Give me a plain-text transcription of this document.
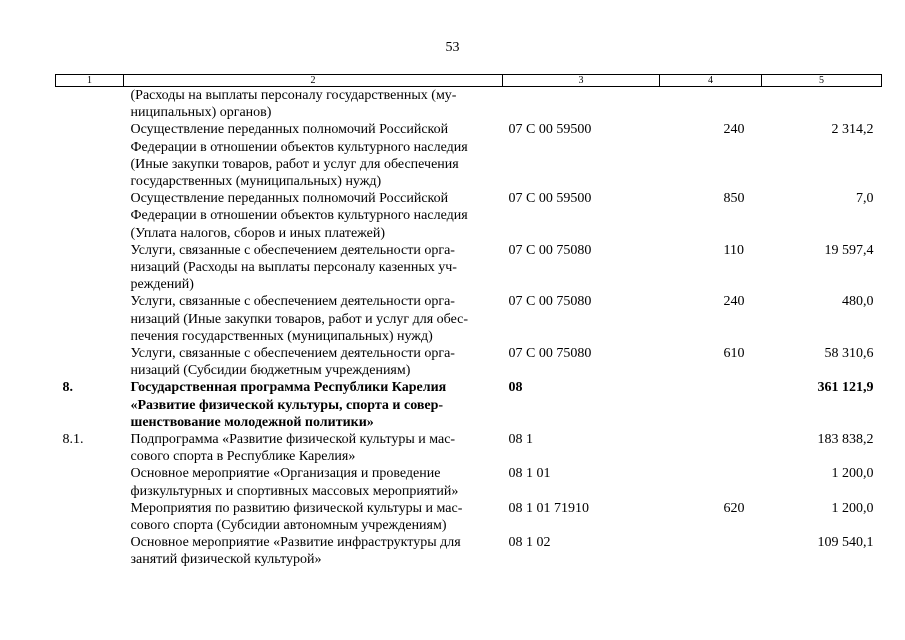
53
1	2	3	4	5

	(Расходы на выплаты персоналу государственных (му-
ниципальных) органов)			

	Осуществление переданных полномочий Российской
Федерации в отношении объектов культурного наследия
(Иные закупки товаров, работ и услуг для обеспечения
государственных (муниципальных) нужд)	07 С 00 59500	240	2 314,2

	Осуществление переданных полномочий Российской
Федерации в отношении объектов культурного наследия
(Уплата налогов, сборов и иных платежей)	07 С 00 59500	850	7,0

	Услуги, связанные с обеспечением деятельности орга-
низаций (Расходы на выплаты персоналу казенных уч-
реждений)	07 С 00 75080	110	19 597,4

	Услуги, связанные с обеспечением деятельности орга-
низаций (Иные закупки товаров, работ и услуг для обес-
печения государственных (муниципальных) нужд)	07 С 00 75080	240	480,0

	Услуги, связанные с обеспечением деятельности орга-
низаций (Субсидии бюджетным учреждениям)	07 С 00 75080	610	58 310,6
8.	Государственная программа Республики Карелия
«Развитие физической культуры, спорта и совер-
шенствование молодежной политики»	08		361 121,9
8.1.	Подпрограмма «Развитие физической культуры и мас-
сового спорта в Республике Карелия»	08 1		183 838,2

	Основное мероприятие «Организация и проведение
физкультурных и спортивных массовых мероприятий»	08 1 01		1 200,0

	Мероприятия по развитию физической культуры и мас-
сового спорта (Субсидии автономным учреждениям)	08 1 01 71910	620	1 200,0

	Основное мероприятие «Развитие инфраструктуры для
занятий физической культурой»	08 1 02		109 540,1
